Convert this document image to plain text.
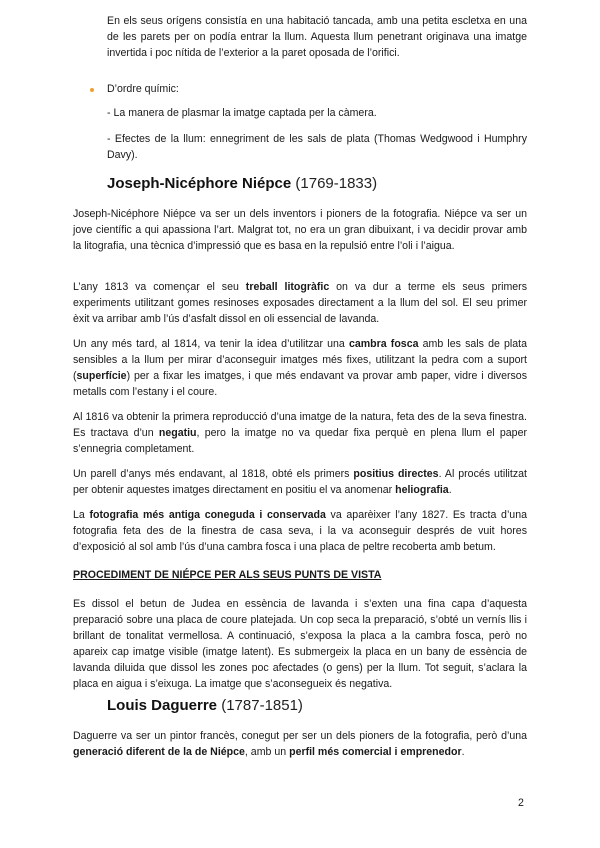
En els seus orígens consistía en una habitació tancada, amb una petita escletxa en una de les parets per on podía entrar la llum. Aquesta llum penetrant originava una imatge invertida i poc nítida de l’exterior a la paret oposada de l’orifici.

D’ordre químic:

- La manera de plasmar la imatge captada per la càmera.

- Efectes de la llum: ennegriment de les sals de plata (Thomas Wedgwood i Humphry Davy).

Joseph-Nicéphore Niépce (1769-1833)

Joseph-Nicéphore Niépce va ser un dels inventors i pioners de la fotografia. Niépce va ser un jove científic a qui apassiona l’art. Malgrat tot, no era un gran dibuixant, i va decidir provar amb la litografia, una tècnica d’impressió que es basa en la repulsió entre l’oli i l’aigua.

L’any 1813 va començar el seu treball litogràfic on va dur a terme els seus primers experiments utilitzant gomes resinoses exposades directament a la llum del sol. El seu primer èxit va arribar amb l’ús d’asfalt dissol en oli essencial de lavanda.

Un any més tard, al 1814, va tenir la idea d’utilitzar una cambra fosca amb les sals de plata sensibles a la llum per mirar d’aconseguir imatges més fixes, utilitzant la pedra com a suport (superfície) per a fixar les imatges, i que més endavant va provar amb paper, vidre i diversos metalls com l’estany i el coure.

Al 1816 va obtenir la primera reproducció d’una imatge de la natura, feta des de la seva finestra. Es tractava d’un negatiu, pero la imatge no va quedar fixa perquè en plena llum el paper s’ennegria completament.

Un parell d’anys més endavant, al 1818, obté els primers positius directes. Al procés utilitzat per obtenir aquestes imatges directament en positiu el va anomenar heliografia.

La fotografia més antiga coneguda i conservada va aparèixer l’any 1827. Es tracta d’una fotografia feta des de la finestra de casa seva, i la va aconseguir després de vuit hores d’exposició al sol amb l’ús d’una cambra fosca i una placa de peltre recoberta amb betum.

PROCEDIMENT DE NIÉPCE PER ALS SEUS PUNTS DE VISTA

Es dissol el betun de Judea en essència de lavanda i s’exten una fina capa d’aquesta preparació sobre una placa de coure platejada. Un cop seca la preparació, s’obté un vernís llis i brillant de tonalitat vermellosa. A continuació, s’exposa la placa a la cambra fosca, però no apareix cap imatge visible (imatge latent). Es submergeix la placa en un bany de essència de lavanda diluida que dissol les zones poc afectades (o gens) per la llum. Tot seguit, s’aclara la placa en aigua i s’eixuga. La imatge que s’aconsegueix és negativa.

Louis Daguerre (1787-1851)

Daguerre va ser un pintor francès, conegut per ser un dels pioners de la fotografia, però d’una generació diferent de la de Niépce, amb un perfil més comercial i emprenedor.

2
